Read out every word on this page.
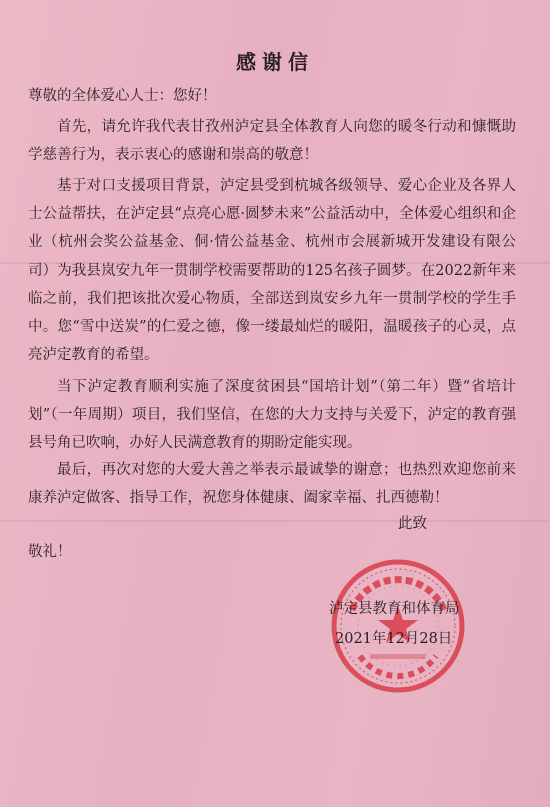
感谢信
尊敬的全体爱心人士：您好！

首先，请允许我代表甘孜州泸定县全体教育人向您的暖冬行动和慷慨助学慈善行为，表示衷心的感谢和崇高的敬意！

基于对口支援项目背景，泸定县受到杭城各级领导、爱心企业及各界人士公益帮扶，在泸定县“点亮心愿·圆梦未来”公益活动中，全体爱心组织和企业（杭州会奖公益基金、侗·情公益基金、杭州市会展新城开发建设有限公司）为我县岚安九年一贯制学校需要帮助的125名孩子圆梦。在2022新年来临之前，我们把该批次爱心物质，全部送到岚安乡九年一贯制学校的学生手中。您“雪中送炭”的仁爱之德，像一缕最灿烂的暖阳，温暖孩子的心灵，点亮泸定教育的希望。

当下泸定教育顺利实施了深度贫困县“国培计划”（第二年）暨“省培计划”（一年周期）项目，我们坚信，在您的大力支持与关爱下，泸定的教育强县号角已吹响，办好人民满意教育的期盼定能实现。

最后，再次对您的大爱大善之举表示最诚挚的谢意；也热烈欢迎您前来康养泸定做客、指导工作，祝您身体健康、阖家幸福、扎西德勒！

此致
敬礼！
泸定县教育和体育局
2021年12月28日
